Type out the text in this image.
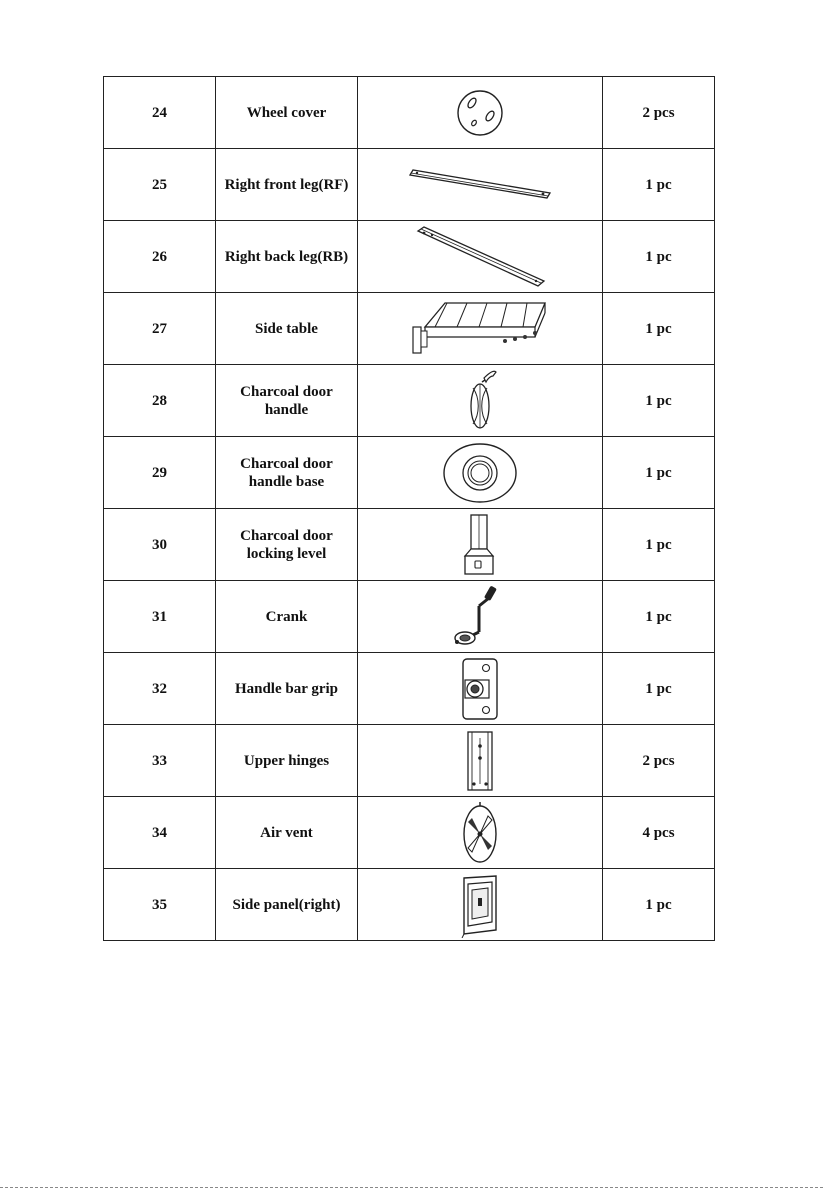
24	Wheel cover		2 pcs
25	Right front leg(RF)		1 pc
26	Right back leg(RB)		1 pc
27	Side table		1 pc
28	Charcoal door
handle		1 pc
29	Charcoal door
handle base		1 pc
30	Charcoal door
locking level		1 pc
31	Crank		1 pc
32	Handle bar grip		1 pc
33	Upper hinges		2 pcs
34	Air vent		4 pcs
35	Side panel(right)		1 pc
